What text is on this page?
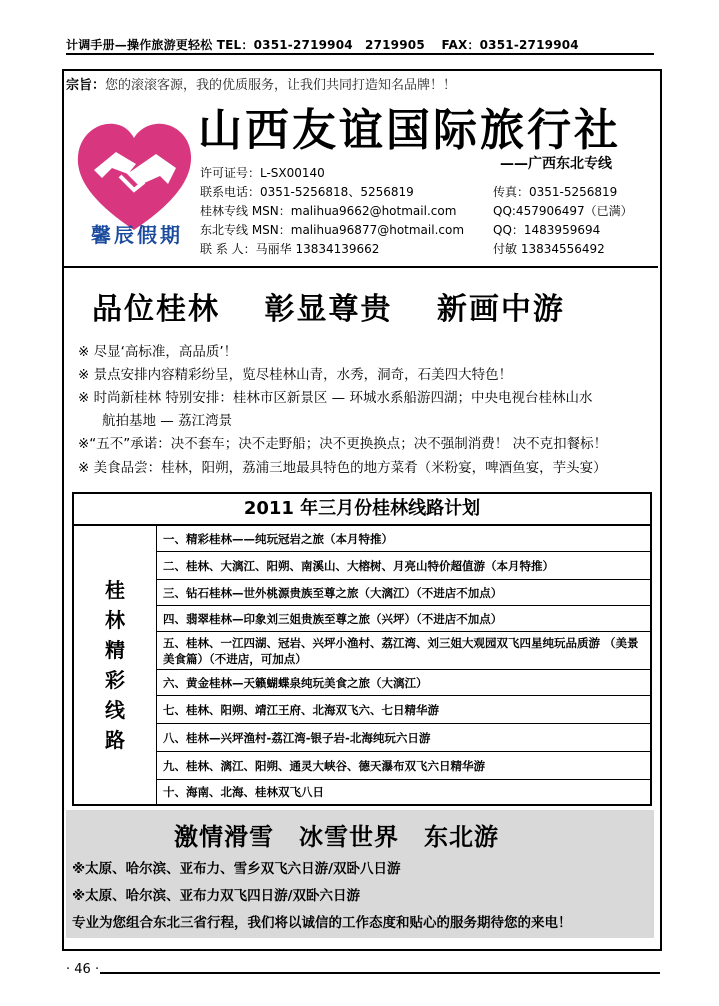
计调手册—操作旅游更轻松 TEL：0351-2719904　2719905　 FAX：0351-2719904
宗旨：您的滚滚客源，我的优质服务，让我们共同打造知名品牌！！
馨辰假期
山西友谊国际旅行社
——广西东北专线
许可证号：L-SX00140
联系电话：0351-5256818、5256819	传真：0351-5256819
桂林专线 MSN：malihua9662@hotmail.com	QQ:457906497（已满）
东北专线 MSN：malihua96877@hotmail.com QQ：1483959694
联 系 人：马丽华 13834139662	付敏 13834556492
品位桂林　 彰显尊贵　 新画中游
※ 尽显‘高标准，高品质’！
※ 景点安排内容精彩纷呈，览尽桂林山青，水秀，洞奇，石美四大特色！
※ 时尚新桂林 特别安排：桂林市区新景区 — 环城水系船游四湖；中央电视台桂林山水
航拍基地 — 荔江湾景
※“五不”承诺：决不套车；决不走野船；决不更换换点；决不强制消费！ 决不克扣餐标！
※ 美食品尝：桂林，阳朔，荔浦三地最具特色的地方菜肴（米粉宴，啤酒鱼宴，芋头宴）
2011 年三月份桂林线路计划
桂
林
精
彩
线
路
一、精彩桂林——纯玩冠岩之旅（本月特推）
二、桂林、大漓江、阳朔、南溪山、大榕树、月亮山特价超值游（本月特推）
三、钻石桂林—世外桃源贵族至尊之旅（大漓江）（不进店不加点）
四、翡翠桂林—印象刘三姐贵族至尊之旅（兴坪）（不进店不加点）
五、桂林、一江四湖、冠岩、兴坪小渔村、荔江湾、刘三姐大观园双飞四星纯玩品质游 （美景美食篇）（不进店，可加点）
六、黄金桂林—天籁蝴蝶泉纯玩美食之旅（大漓江）
七、桂林、阳朔、靖江王府、北海双飞六、七日精华游
八、桂林—兴坪渔村-荔江湾-银子岩-北海纯玩六日游
九、桂林、漓江、阳朔、通灵大峡谷、德天瀑布双飞六日精华游
十、海南、北海、桂林双飞八日
激情滑雪　冰雪世界　东北游
※太原、哈尔滨、亚布力、雪乡双飞六日游/双卧八日游
※太原、哈尔滨、亚布力双飞四日游/双卧六日游
专业为您组合东北三省行程，我们将以诚信的工作态度和贴心的服务期待您的来电！
· 46 ·
